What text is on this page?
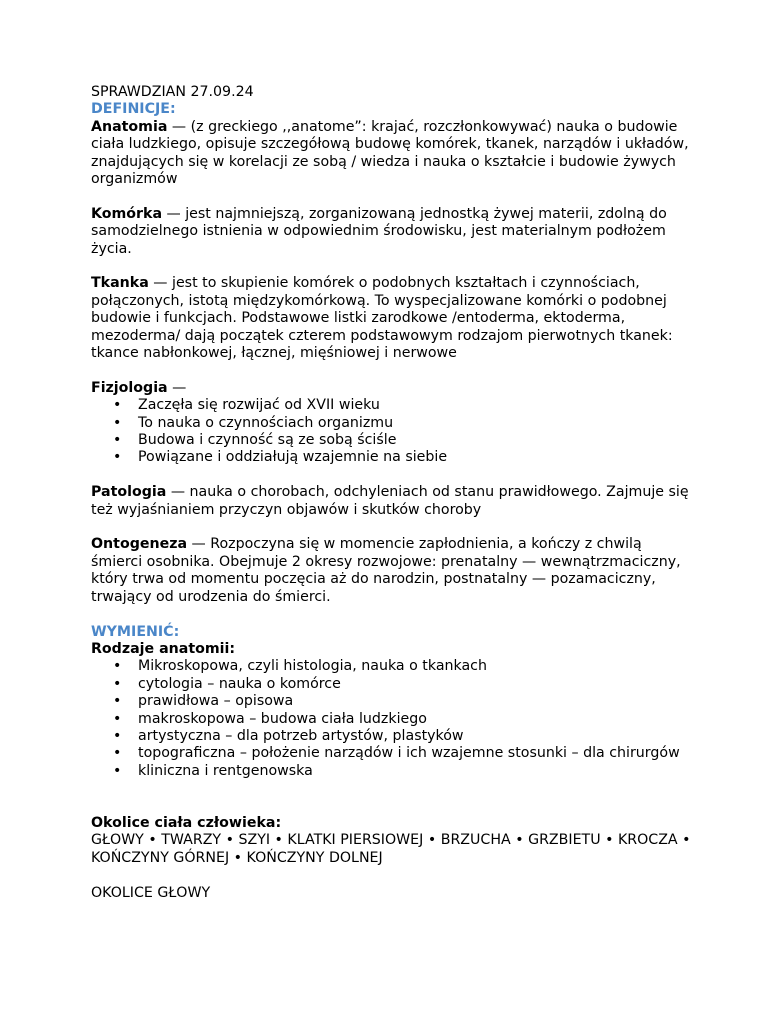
SPRAWDZIAN 27.09.24

DEFINICJE:

Anatomia — (z greckiego ,,anatome”: krajać, rozczłonkowywać) nauka o budowie ciała ludzkiego, opisuje szczegółową budowę komórek, tkanek, narządów i układów, znajdujących się w korelacji ze sobą / wiedza i nauka o kształcie i budowie żywych organizmów

Komórka — jest najmniejszą, zorganizowaną jednostką żywej materii, zdolną do samodzielnego istnienia w odpowiednim środowisku, jest materialnym podłożem życia.

Tkanka — jest to skupienie komórek o podobnych kształtach i czynnościach, połączonych, istotą międzykomórkową. To wyspecjalizowane komórki o podobnej budowie i funkcjach. Podstawowe listki zarodkowe /entoderma, ektoderma, mezoderma/ dają początek czterem podstawowym rodzajom pierwotnych tkanek: tkance nabłonkowej, łącznej, mięśniowej i nerwowe

Fizjologia —

• Zaczęła się rozwijać od XVII wieku
• To nauka o czynnościach organizmu
• Budowa i czynność są ze sobą ściśle
• Powiązane i oddziałują wzajemnie na siebie

Patologia — nauka o chorobach, odchyleniach od stanu prawidłowego. Zajmuje się też wyjaśnianiem przyczyn objawów i skutków choroby

Ontogeneza — Rozpoczyna się w momencie zapłodnienia, a kończy z chwilą śmierci osobnika. Obejmuje 2 okresy rozwojowe: prenatalny — wewnątrzmaciczny, który trwa od momentu poczęcia aż do narodzin, postnatalny — pozamaciczny, trwający od urodzenia do śmierci.

WYMIENIĆ:

Rodzaje anatomii:

• Mikroskopowa, czyli histologia, nauka o tkankach
• cytologia – nauka o komórce
• prawidłowa – opisowa
• makroskopowa – budowa ciała ludzkiego
• artystyczna – dla potrzeb artystów, plastyków
• topograficzna – położenie narządów i ich wzajemne stosunki – dla chirurgów
• kliniczna i rentgenowska

Okolice ciała człowieka:

GŁOWY • TWARZY • SZYI • KLATKI PIERSIOWEJ • BRZUCHA • GRZBIETU • KROCZA • KOŃCZYNY GÓRNEJ • KOŃCZYNY DOLNEJ

OKOLICE GŁOWY
